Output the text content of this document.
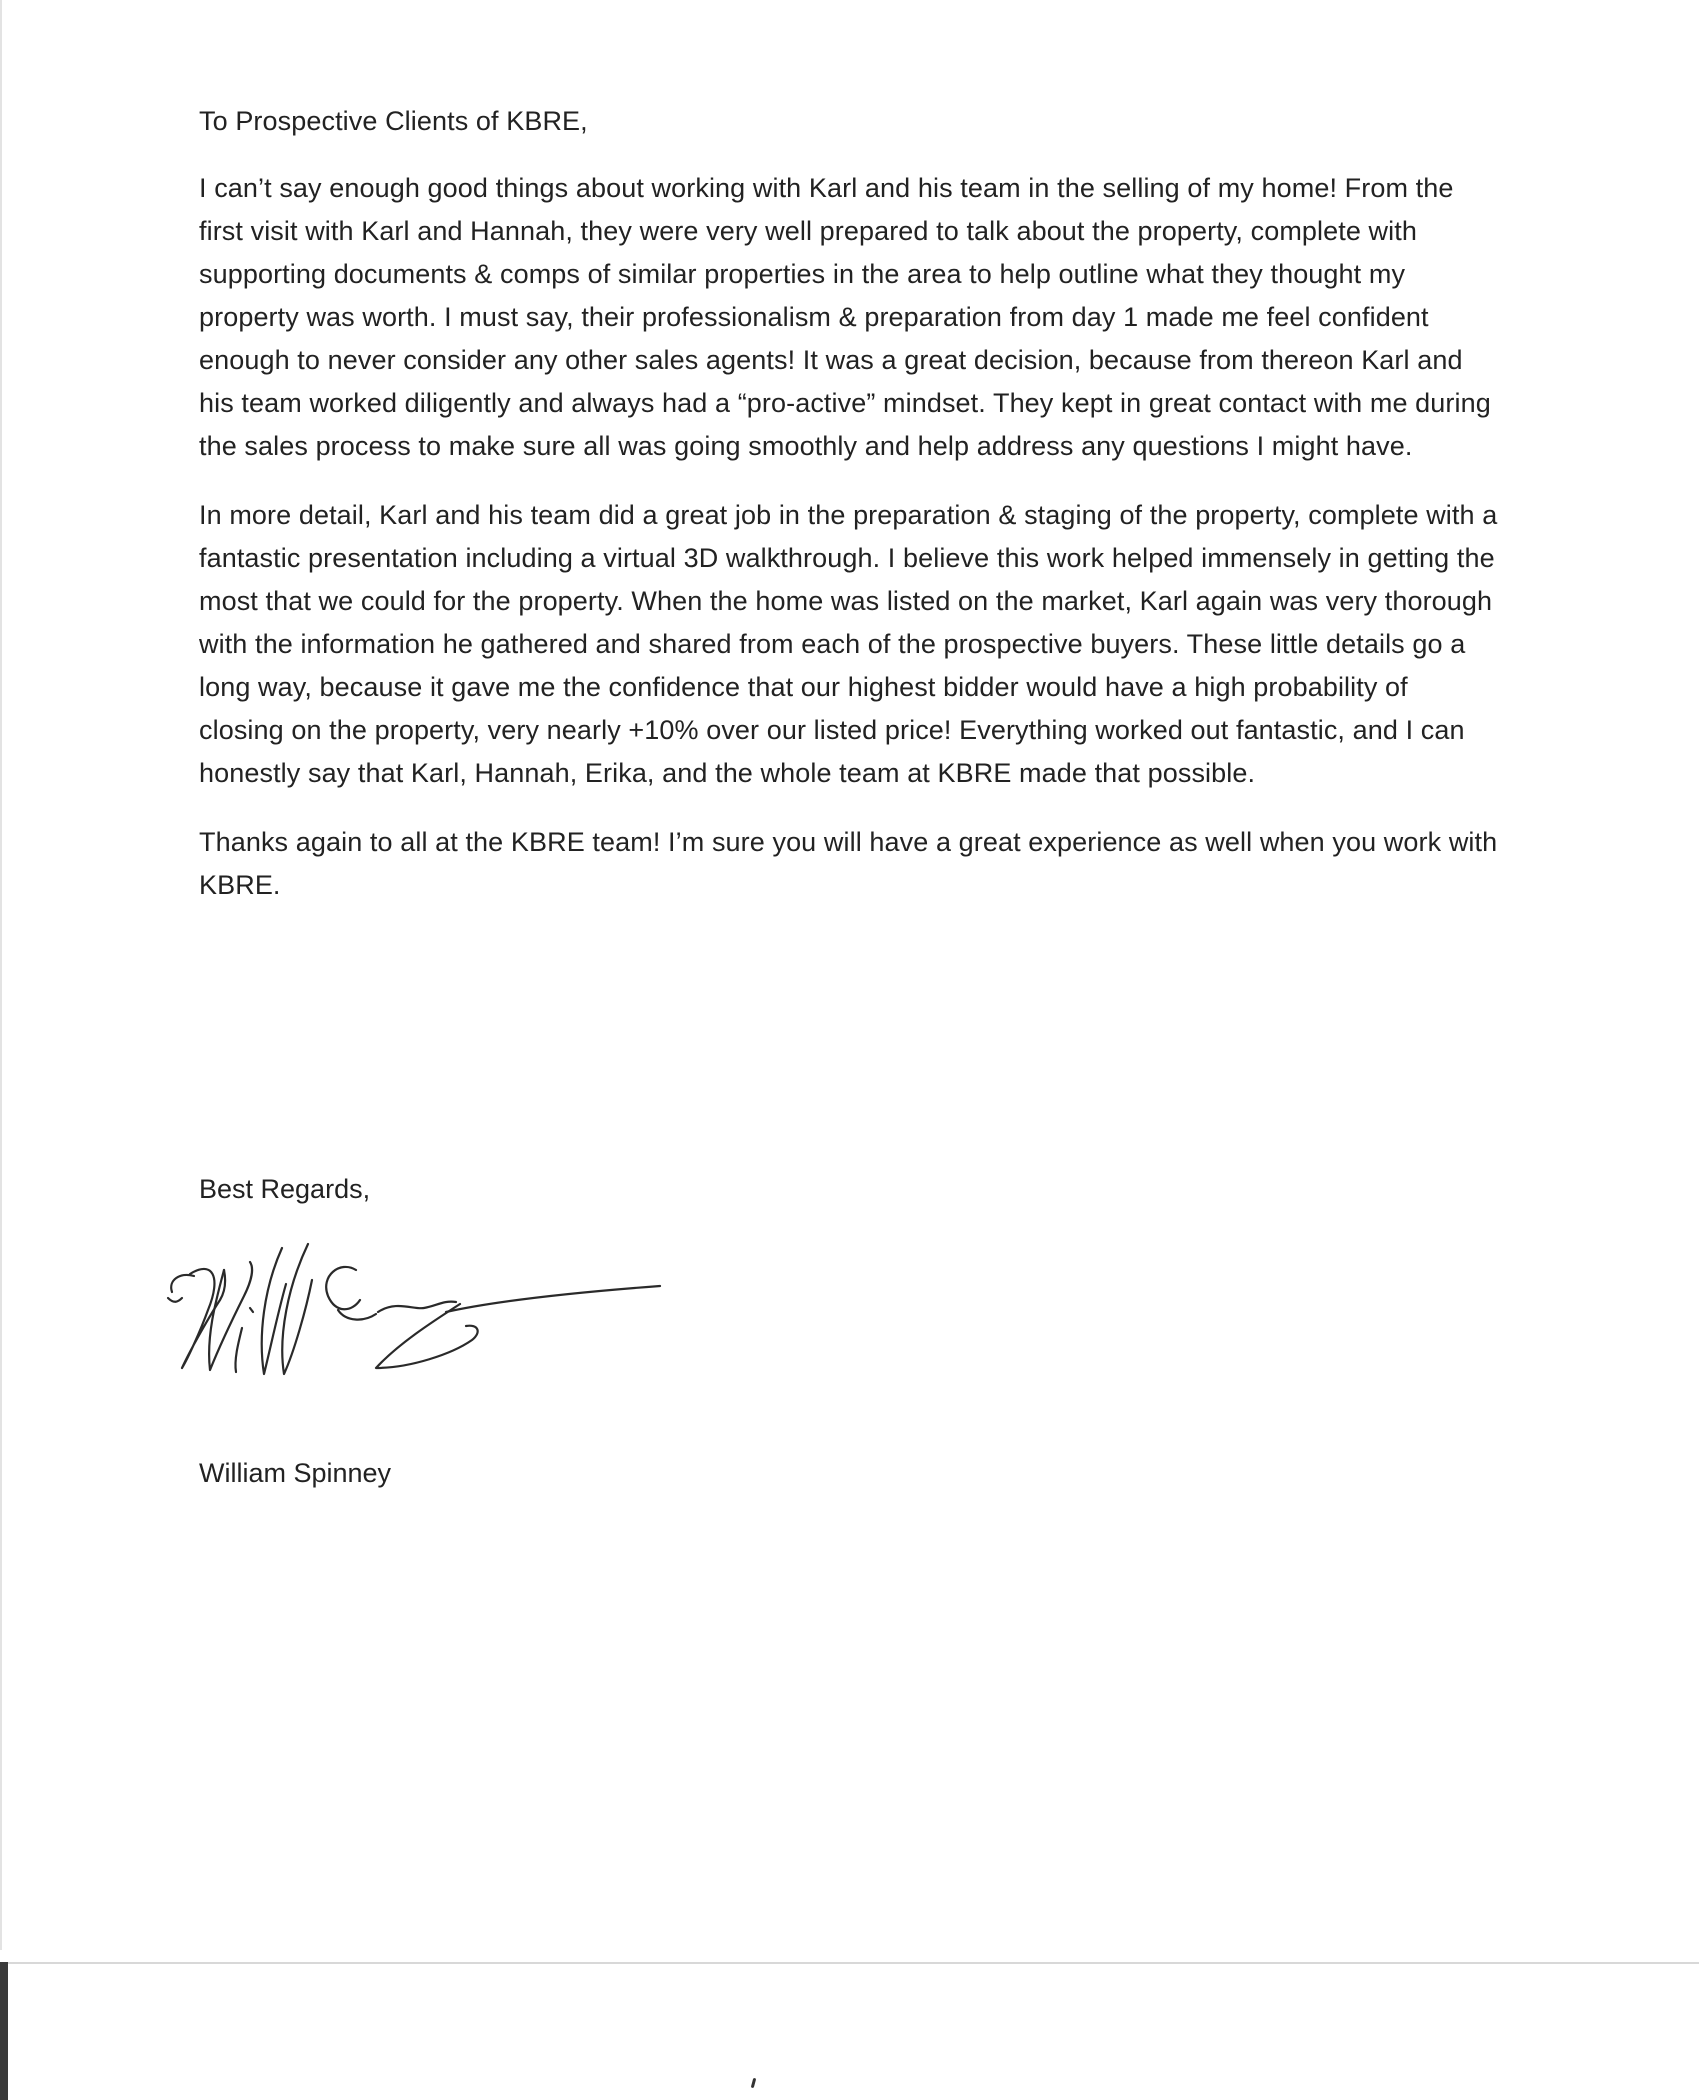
To Prospective Clients of KBRE,

I can’t say enough good things about working with Karl and his team in the selling of my home! From the first visit with Karl and Hannah, they were very well prepared to talk about the property, complete with supporting documents & comps of similar properties in the area to help outline what they thought my property was worth. I must say, their professionalism & preparation from day 1 made me feel confident enough to never consider any other sales agents! It was a great decision, because from thereon Karl and his team worked diligently and always had a “pro-active” mindset. They kept in great contact with me during the sales process to make sure all was going smoothly and help address any questions I might have.

In more detail, Karl and his team did a great job in the preparation & staging of the property, complete with a fantastic presentation including a virtual 3D walkthrough. I believe this work helped immensely in getting the most that we could for the property. When the home was listed on the market, Karl again was very thorough with the information he gathered and shared from each of the prospective buyers. These little details go a long way, because it gave me the confidence that our highest bidder would have a high probability of closing on the property, very nearly +10% over our listed price! Everything worked out fantastic, and I can honestly say that Karl, Hannah, Erika, and the whole team at KBRE made that possible.

Thanks again to all at the KBRE team! I’m sure you will have a great experience as well when you work with KBRE.

Best Regards,
William Spinney
